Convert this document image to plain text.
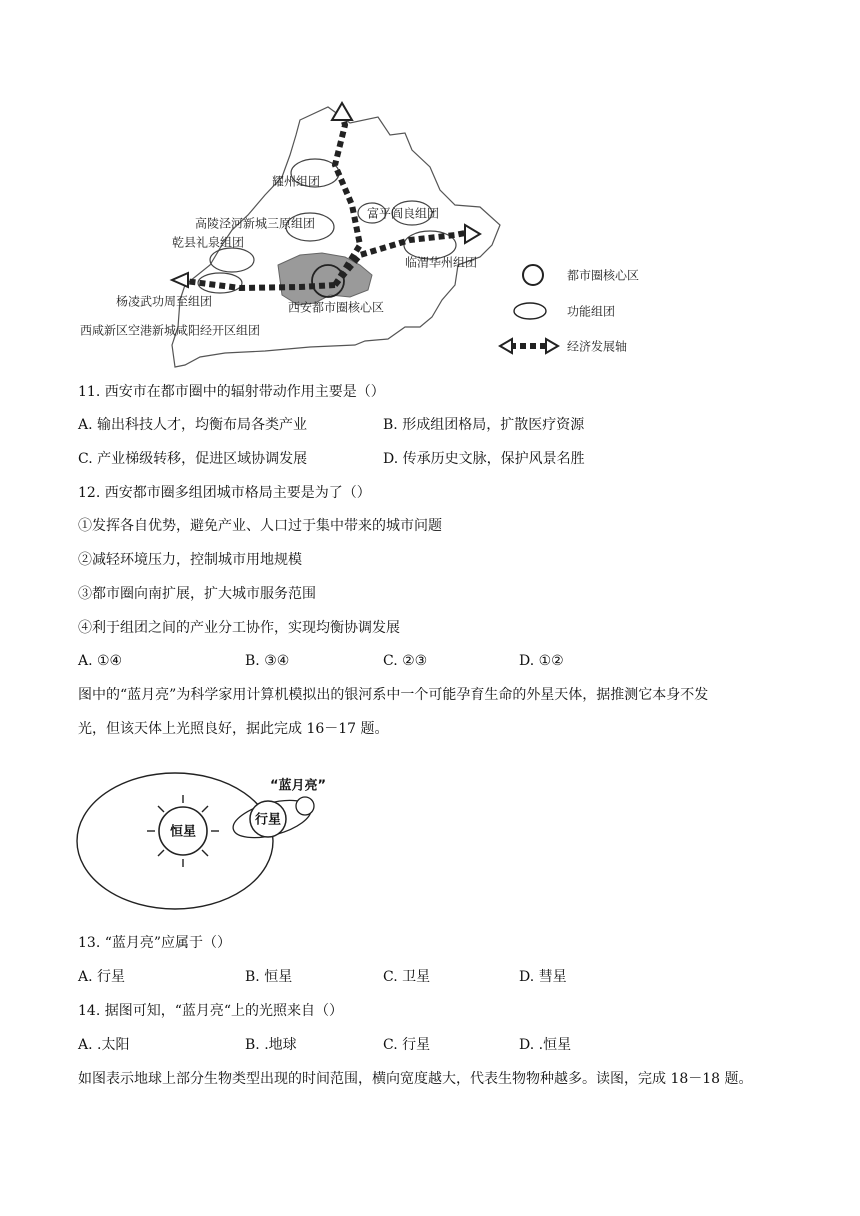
耀州组团
富平阎良组团
高陵泾河新城三原组团
乾县礼泉组团
临渭华州组团
杨凌武功周至组团	西安都市圈核心区
西咸新区空港新城咸阳经开区组团
都市圈核心区
功能组团
经济发展轴
11. 西安市在都市圈中的辐射带动作用主要是（）
A. 输出科技人才，均衡布局各类产业	B. 形成组团格局，扩散医疗资源
C. 产业梯级转移，促进区域协调发展	D. 传承历史文脉，保护风景名胜
12. 西安都市圈多组团城市格局主要是为了（）
①发挥各自优势，避免产业、人口过于集中带来的城市问题
②减轻环境压力，控制城市用地规模
③都市圈向南扩展，扩大城市服务范围
④利于组团之间的产业分工协作，实现均衡协调发展
A. ①④	B. ③④	C. ②③	D. ①②
图中的“蓝月亮”为科学家用计算机模拟出的银河系中一个可能孕育生命的外星天体，据推测它本身不发
光，但该天体上光照良好，据此完成 16－17 题。
恒星
行星
“蓝月亮”
13. “蓝月亮”应属于（）
A. 行星	B. 恒星	C. 卫星	D. 彗星
14. 据图可知，“蓝月亮“上的光照来自（）
A. .太阳	B. .地球	C. 行星	D. .恒星
如图表示地球上部分生物类型出现的时间范围，横向宽度越大，代表生物物种越多。读图，完成 18－18 题。
